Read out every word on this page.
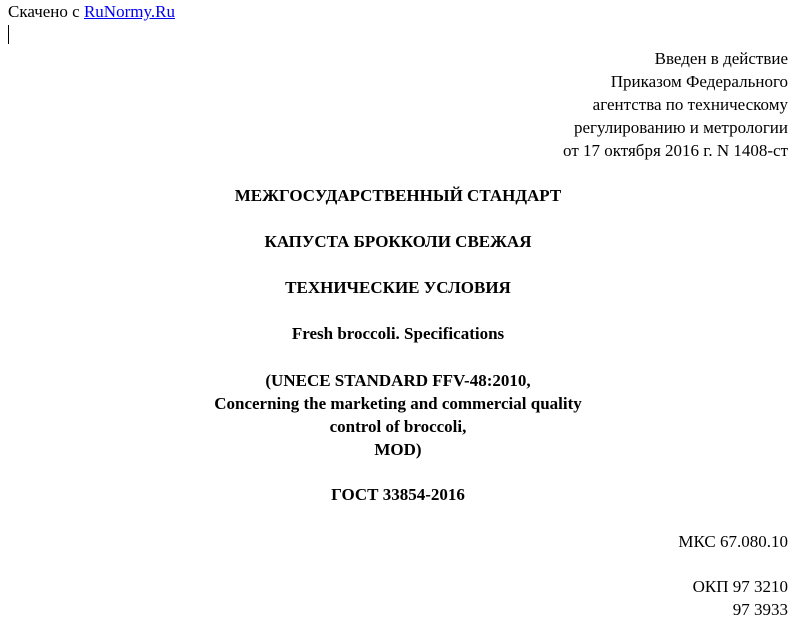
Скачено с RuNormy.Ru
Введен в действие
Приказом Федерального
агентства по техническому
регулированию и метрологии
от 17 октября 2016 г. N 1408-ст
МЕЖГОСУДАРСТВЕННЫЙ СТАНДАРТ
КАПУСТА БРОККОЛИ СВЕЖАЯ
ТЕХНИЧЕСКИЕ УСЛОВИЯ
Fresh broccoli. Specifications
(UNECE STANDARD FFV-48:2010,
Concerning the marketing and commercial quality
control of broccoli,
MOD)
ГОСТ 33854-2016
МКС 67.080.10
ОКП 97 3210
97 3933
